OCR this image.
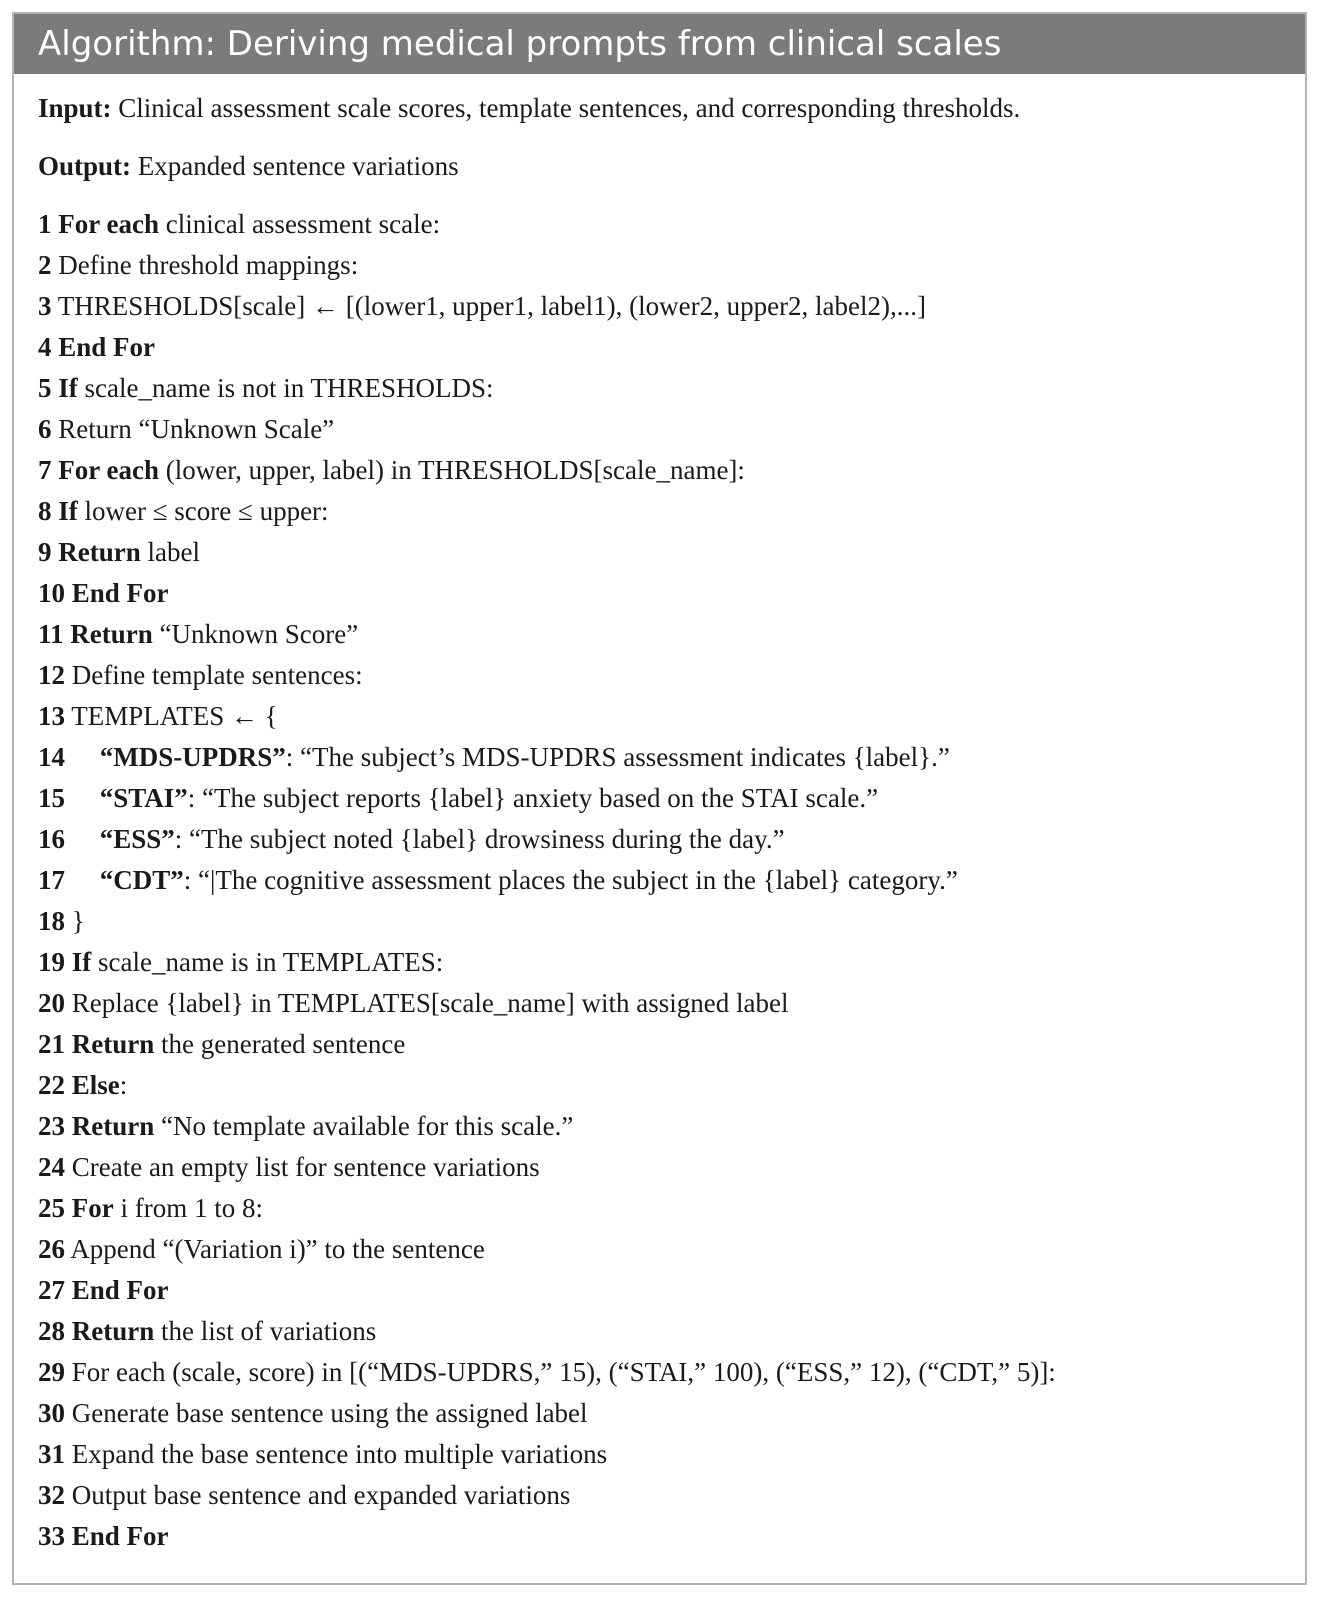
Algorithm: Deriving medical prompts from clinical scales
Input: Clinical assessment scale scores, template sentences, and corresponding thresholds.
Output: Expanded sentence variations
1 For each clinical assessment scale:
2 Define threshold mappings:
3 THRESHOLDS[scale] ← [(lower1, upper1, label1), (lower2, upper2, label2),...]
4 End For
5 If scale_name is not in THRESHOLDS:
6 Return “Unknown Scale”
7 For each (lower, upper, label) in THRESHOLDS[scale_name]:
8 If lower ≤ score ≤ upper:
9 Return label
10 End For
11 Return “Unknown Score”
12 Define template sentences:
13 TEMPLATES ← {
14 “MDS-UPDRS”: “The subject’s MDS-UPDRS assessment indicates {label}.”
15 “STAI”: “The subject reports {label} anxiety based on the STAI scale.”
16 “ESS”: “The subject noted {label} drowsiness during the day.”
17 “CDT”: “|The cognitive assessment places the subject in the {label} category.”
18 }
19 If scale_name is in TEMPLATES:
20 Replace {label} in TEMPLATES[scale_name] with assigned label
21 Return the generated sentence
22 Else:
23 Return “No template available for this scale.”
24 Create an empty list for sentence variations
25 For i from 1 to 8:
26 Append “(Variation i)” to the sentence
27 End For
28 Return the list of variations
29 For each (scale, score) in [(“MDS-UPDRS,” 15), (“STAI,” 100), (“ESS,” 12), (“CDT,” 5)]:
30 Generate base sentence using the assigned label
31 Expand the base sentence into multiple variations
32 Output base sentence and expanded variations
33 End For
